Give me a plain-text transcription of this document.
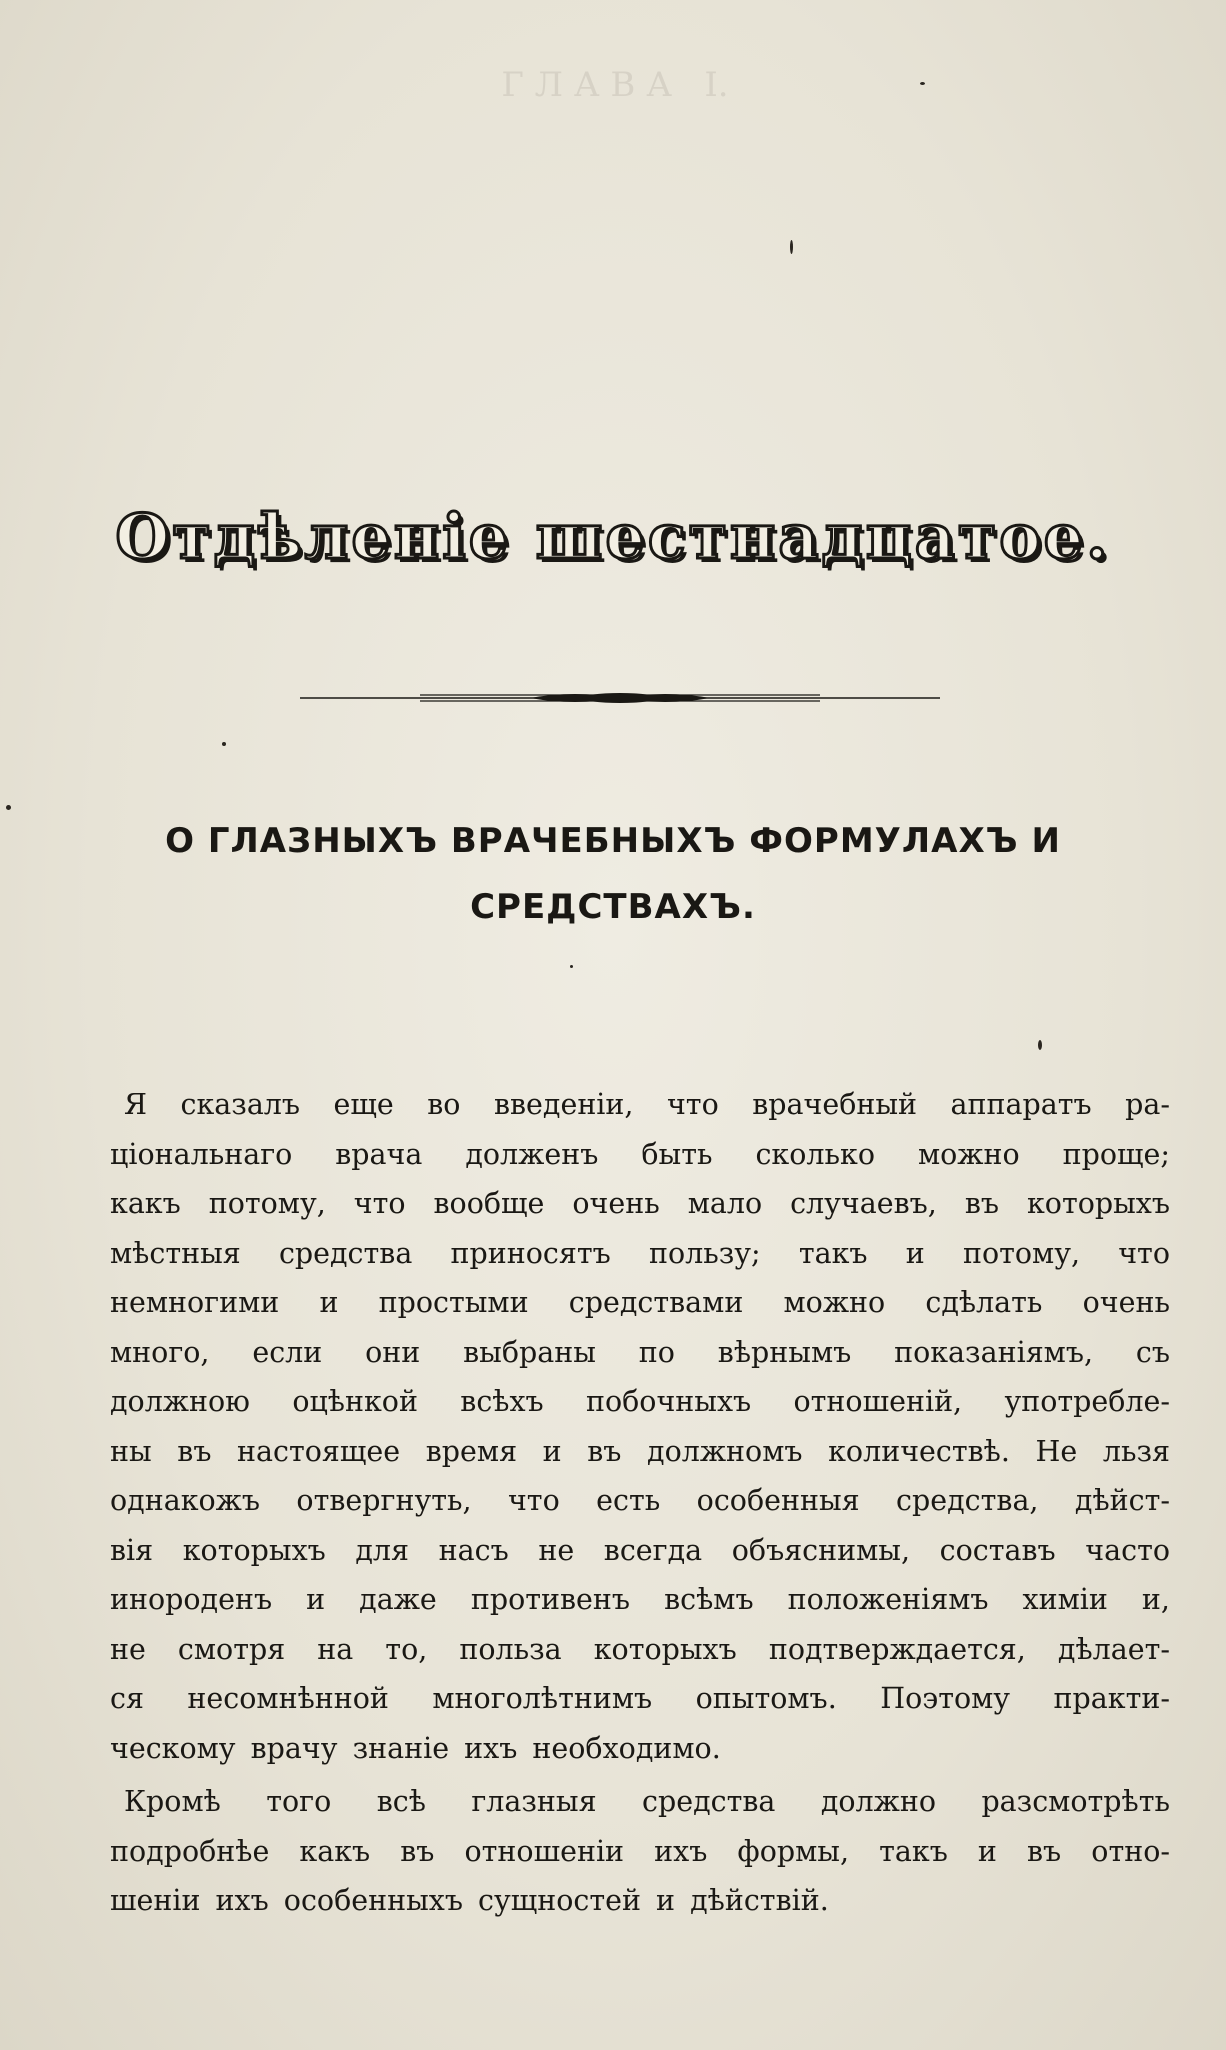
Г Л А В А   І.
Отдѣленіе шестнадцатое.
О ГЛАЗНЫХЪ ВРАЧЕБНЫХЪ ФОРМУЛАХЪ И
СРЕДСТВАХЪ.

Я сказалъ еще во введеніи, что врачебный аппаратъ ра-
ціональнаго врача долженъ быть сколько можно проще;
какъ потому, что вообще очень мало случаевъ, въ которыхъ
мѣстныя средства приносятъ пользу; такъ и потому, что
немногими и простыми средствами можно сдѣлать очень
много, если они выбраны по вѣрнымъ показаніямъ, съ
должною оцѣнкой всѣхъ побочныхъ отношеній, употребле-
ны въ настоящее время и въ должномъ количествѣ. Не льзя
однакожъ отвергнуть, что есть особенныя средства, дѣйст-
вія которыхъ для насъ не всегда объяснимы, составъ часто
инороденъ и даже противенъ всѣмъ положеніямъ химіи и,
не смотря на то, польза которыхъ подтверждается, дѣлает-
ся несомнѣнной многолѣтнимъ опытомъ. Поэтому практи-
ческому врачу знаніе ихъ необходимо.

Кромѣ того всѣ глазныя средства должно разсмотрѣть
подробнѣе какъ въ отношеніи ихъ формы, такъ и въ отно-
шеніи ихъ особенныхъ сущностей и дѣйствій.
